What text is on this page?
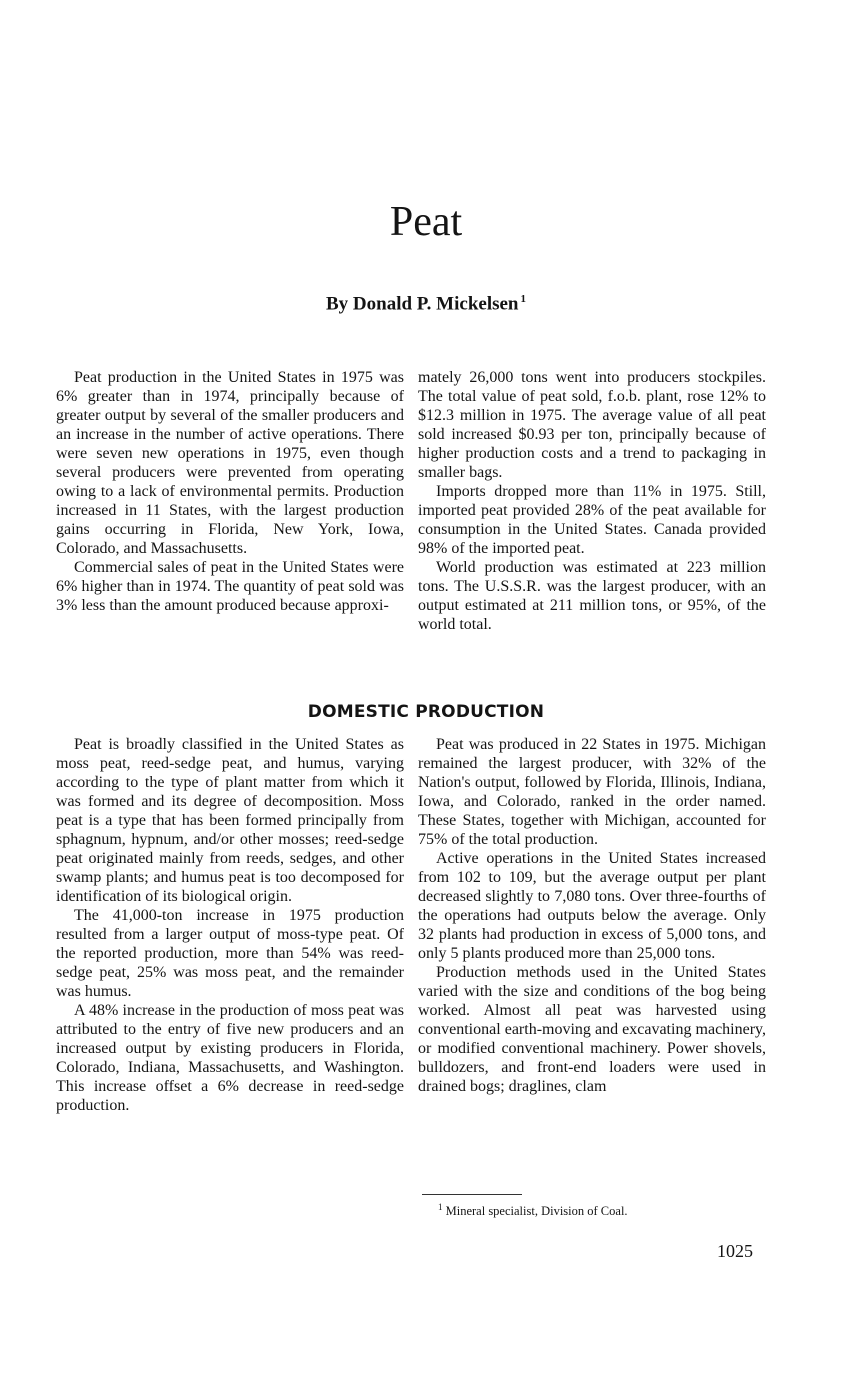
Peat
By Donald P. Mickelsen $^1$

Peat production in the United States in 1975 was 6% greater than in 1974, principally because of greater output by several of the smaller producers and an increase in the number of active operations. There were seven new operations in 1975, even though several producers were prevented from operating owing to a lack of environmental permits. Production increased in 11 States, with the largest production gains occurring in Florida, New York, Iowa, Colorado, and Massachusetts.

Commercial sales of peat in the United States were 6% higher than in 1974. The quantity of peat sold was 3% less than the amount produced because approxi-

mately 26,000 tons went into producers stockpiles. The total value of peat sold, f.o.b. plant, rose 12% to $12.3 million in 1975. The average value of all peat sold increased $0.93 per ton, principally because of higher production costs and a trend to packaging in smaller bags.

Imports dropped more than 11% in 1975. Still, imported peat provided 28% of the peat available for consumption in the United States. Canada provided 98% of the imported peat.

World production was estimated at 223 million tons. The U.S.S.R. was the largest producer, with an output estimated at 211 million tons, or 95%, of the world total.

DOMESTIC PRODUCTION

Peat is broadly classified in the United States as moss peat, reed-sedge peat, and humus, varying according to the type of plant matter from which it was formed and its degree of decomposition. Moss peat is a type that has been formed principally from sphagnum, hypnum, and/or other mosses; reed-sedge peat originated mainly from reeds, sedges, and other swamp plants; and humus peat is too decomposed for identification of its biological origin.

The 41,000-ton increase in 1975 production resulted from a larger output of moss-type peat. Of the reported production, more than 54% was reed-sedge peat, 25% was moss peat, and the remainder was humus.

A 48% increase in the production of moss peat was attributed to the entry of five new producers and an increased output by existing producers in Florida, Colorado, Indiana, Massachusetts, and Washington. This increase offset a 6% decrease in reed-sedge production.

Peat was produced in 22 States in 1975. Michigan remained the largest producer, with 32% of the Nation's output, followed by Florida, Illinois, Indiana, Iowa, and Colorado, ranked in the order named. These States, together with Michigan, accounted for 75% of the total production.

Active operations in the United States increased from 102 to 109, but the average output per plant decreased slightly to 7,080 tons. Over three-fourths of the operations had outputs below the average. Only 32 plants had production in excess of 5,000 tons, and only 5 plants produced more than 25,000 tons.

Production methods used in the United States varied with the size and conditions of the bog being worked. Almost all peat was harvested using conventional earth-moving and excavating machinery, or modified conventional machinery. Power shovels, bulldozers, and front-end loaders were used in drained bogs; draglines, clam

$^1$ Mineral specialist, Division of Coal.
1025
